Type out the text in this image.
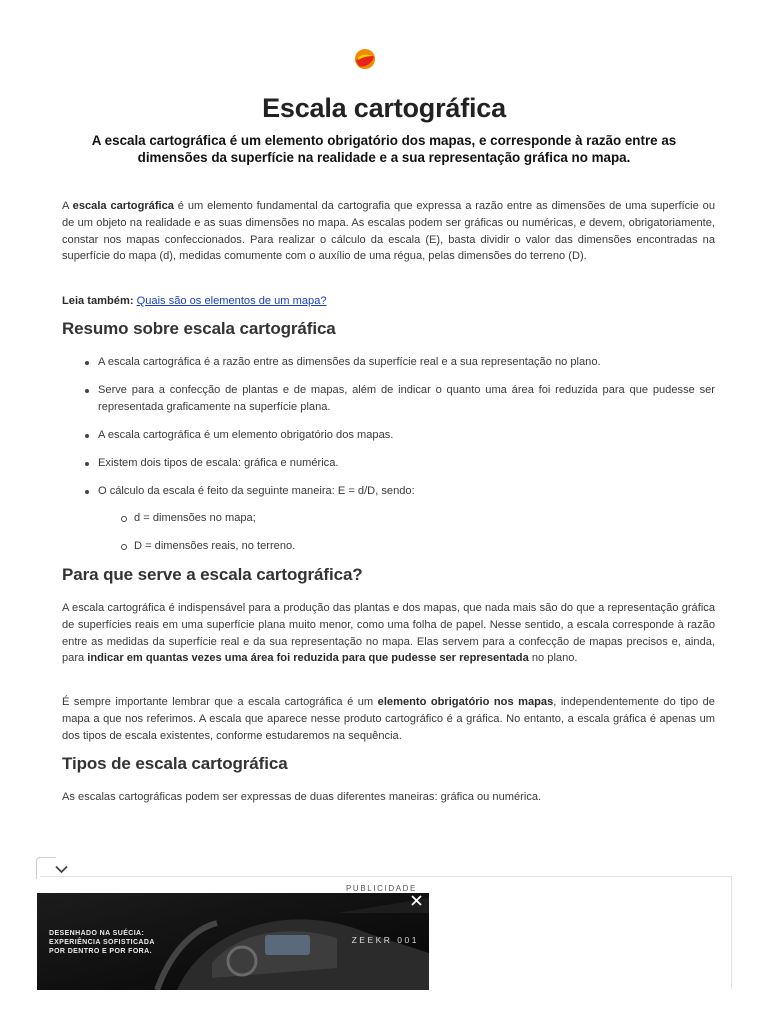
Escala cartográfica

A escala cartográfica é um elemento obrigatório dos mapas, e corresponde à razão entre as dimensões da superfície na realidade e a sua representação gráfica no mapa.

A escala cartográfica é um elemento fundamental da cartografia que expressa a razão entre as dimensões de uma superfície ou de um objeto na realidade e as suas dimensões no mapa. As escalas podem ser gráficas ou numéricas, e devem, obrigatoriamente, constar nos mapas confeccionados. Para realizar o cálculo da escala (E), basta dividir o valor das dimensões encontradas na superfície do mapa (d), medidas comumente com o auxílio de uma régua, pelas dimensões do terreno (D).

Leia também: Quais são os elementos de um mapa?

Resumo sobre escala cartográfica
A escala cartográfica é a razão entre as dimensões da superfície real e a sua representação no plano.
Serve para a confecção de plantas e de mapas, além de indicar o quanto uma área foi reduzida para que pudesse ser representada graficamente na superfície plana.
A escala cartográfica é um elemento obrigatório dos mapas.
Existem dois tipos de escala: gráfica e numérica.
O cálculo da escala é feito da seguinte maneira: E = d/D, sendo:
d = dimensões no mapa;
D = dimensões reais, no terreno.
Para que serve a escala cartográfica?

A escala cartográfica é indispensável para a produção das plantas e dos mapas, que nada mais são do que a representação gráfica de superfícies reais em uma superfície plana muito menor, como uma folha de papel. Nesse sentido, a escala corresponde à razão entre as medidas da superfície real e da sua representação no mapa. Elas servem para a confecção de mapas precisos e, ainda, para indicar em quantas vezes uma área foi reduzida para que pudesse ser representada no plano.

É sempre importante lembrar que a escala cartográfica é um elemento obrigatório nos mapas, independentemente do tipo de mapa a que nos referimos. A escala que aparece nesse produto cartográfico é a gráfica. No entanto, a escala gráfica é apenas um dos tipos de escala existentes, conforme estudaremos na sequência.

Tipos de escala cartográfica

As escalas cartográficas podem ser expressas de duas diferentes maneiras: gráfica ou numérica.

PUBLICIDADE
DESENHADO NA SUÉCIA:
EXPERIÊNCIA SOFISTICADA
POR DENTRO E POR FORA.
ZEEKR 001
